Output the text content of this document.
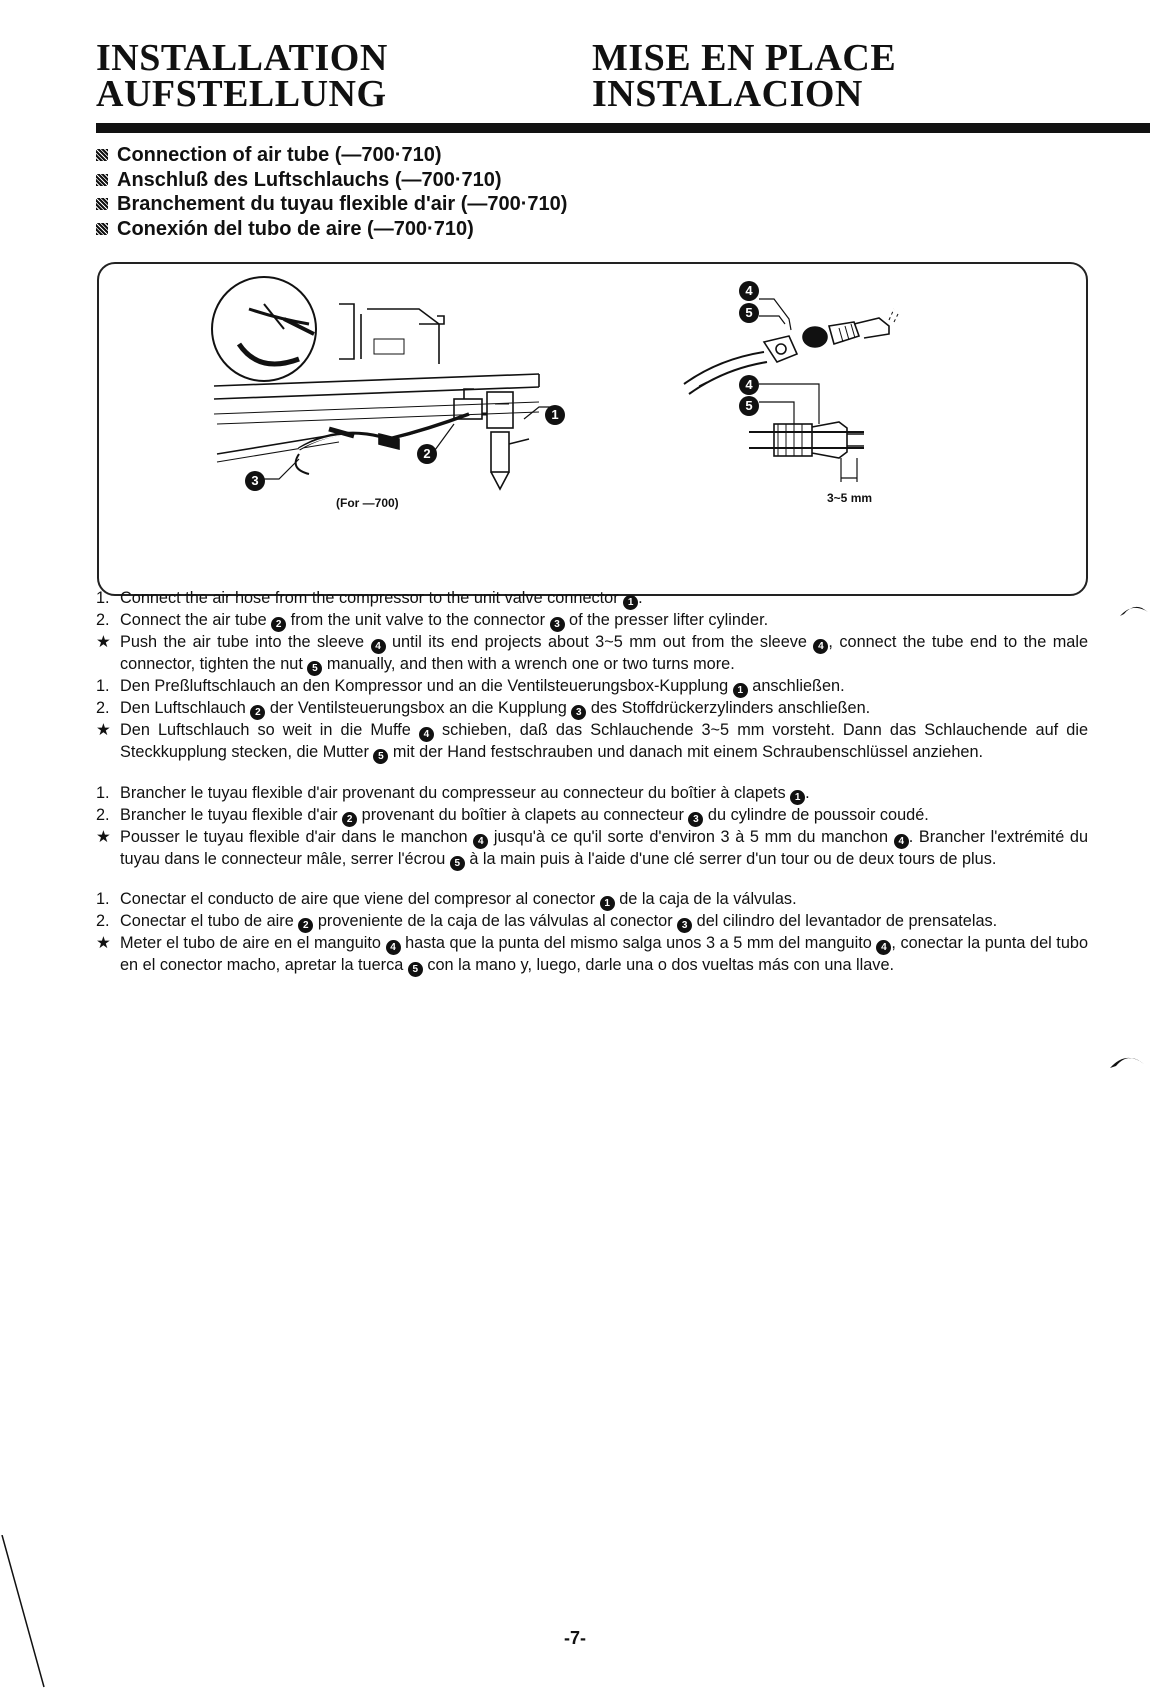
INSTALLATION
AUFSTELLUNG
MISE EN PLACE
INSTALACION
Connection of air tube (—700·710)
Anschluß des Luftschlauchs (—700·710)
Branchement du tuyau flexible d'air (—700·710)
Conexión del tubo de aire (—700·710)
1
2
3
4
5
4
5
(For —700)	3~5 mm
1. Connect the air hose from the compressor to the unit valve connector 1 .
2. Connect the air tube 2 from the unit valve to the connector 3 of the presser lifter cylinder.
★ Push the air tube into the sleeve 4 until its end projects about 3~5 mm out from the sleeve 4 , connect the tube end to the male connector, tighten the nut 5 manually, and then with a wrench one or two turns more.
1. Den Preßluftschlauch an den Kompressor und an die Ventilsteuerungsbox-Kupplung 1 anschließen.
2. Den Luftschlauch 2 der Ventilsteuerungsbox an die Kupplung 3 des Stoffdrückerzylinders anschließen.
★ Den Luftschlauch so weit in die Muffe 4 schieben, daß das Schlauchende 3~5 mm vorsteht. Dann das Schlauchende auf die Steckkupplung stecken, die Mutter 5 mit der Hand festschrauben und danach mit einem Schraubenschlüssel anziehen.
1. Brancher le tuyau flexible d'air provenant du compresseur au connecteur du boîtier à clapets 1 .
2. Brancher le tuyau flexible d'air 2 provenant du boîtier à clapets au connecteur 3 du cylindre de poussoir coudé.
★ Pousser le tuyau flexible d'air dans le manchon 4 jusqu'à ce qu'il sorte d'environ 3 à 5 mm du manchon 4 . Brancher l'extrémité du tuyau dans le connecteur mâle, serrer l'écrou 5 à la main puis à l'aide d'une clé serrer d'un tour ou de deux tours de plus.
1. Conectar el conducto de aire que viene del compresor al conector 1 de la caja de la válvulas.
2. Conectar el tubo de aire 2 proveniente de la caja de las válvulas al conector 3 del cilindro del levantador de prensatelas.
★ Meter el tubo de aire en el manguito 4 hasta que la punta del mismo salga unos 3 a 5 mm del manguito 4 , conectar la punta del tubo en el conector macho, apretar la tuerca 5 con la mano y, luego, darle una o dos vueltas más con una llave.
-7-
